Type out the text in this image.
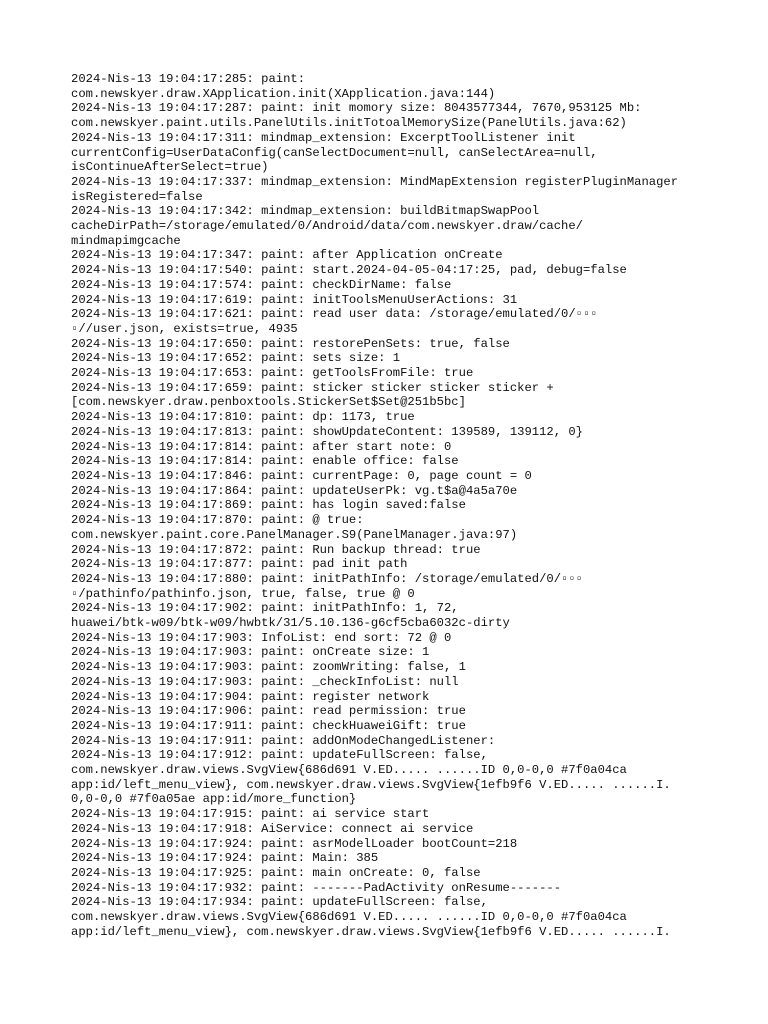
2024-Nis-13 19:04:17:285: paint:
com.newskyer.draw.XApplication.init(XApplication.java:144)
2024-Nis-13 19:04:17:287: paint: init momory size: 8043577344, 7670,953125 Mb:
com.newskyer.paint.utils.PanelUtils.initTotoalMemorySize(PanelUtils.java:62)
2024-Nis-13 19:04:17:311: mindmap_extension: ExcerptToolListener init
currentConfig=UserDataConfig(canSelectDocument=null, canSelectArea=null,
isContinueAfterSelect=true)
2024-Nis-13 19:04:17:337: mindmap_extension: MindMapExtension registerPluginManager
isRegistered=false
2024-Nis-13 19:04:17:342: mindmap_extension: buildBitmapSwapPool
cacheDirPath=/storage/emulated/0/Android/data/com.newskyer.draw/cache/
mindmapimgcache
2024-Nis-13 19:04:17:347: paint: after Application onCreate
2024-Nis-13 19:04:17:540: paint: start.2024-04-05-04:17:25, pad, debug=false
2024-Nis-13 19:04:17:574: paint: checkDirName: false
2024-Nis-13 19:04:17:619: paint: initToolsMenuUserActions: 31
2024-Nis-13 19:04:17:621: paint: read user data: /storage/emulated/0/▫▫▫
▫//user.json, exists=true, 4935
2024-Nis-13 19:04:17:650: paint: restorePenSets: true, false
2024-Nis-13 19:04:17:652: paint: sets size: 1
2024-Nis-13 19:04:17:653: paint: getToolsFromFile: true
2024-Nis-13 19:04:17:659: paint: sticker sticker sticker sticker +
[com.newskyer.draw.penboxtools.StickerSet$Set@251b5bc]
2024-Nis-13 19:04:17:810: paint: dp: 1173, true
2024-Nis-13 19:04:17:813: paint: showUpdateContent: 139589, 139112, 0}
2024-Nis-13 19:04:17:814: paint: after start note: 0
2024-Nis-13 19:04:17:814: paint: enable office: false
2024-Nis-13 19:04:17:846: paint: currentPage: 0, page count = 0
2024-Nis-13 19:04:17:864: paint: updateUserPk: vg.t$a@4a5a70e
2024-Nis-13 19:04:17:869: paint: has login saved:false
2024-Nis-13 19:04:17:870: paint: @ true:
com.newskyer.paint.core.PanelManager.S9(PanelManager.java:97)
2024-Nis-13 19:04:17:872: paint: Run backup thread: true
2024-Nis-13 19:04:17:877: paint: pad init path
2024-Nis-13 19:04:17:880: paint: initPathInfo: /storage/emulated/0/▫▫▫
▫/pathinfo/pathinfo.json, true, false, true @ 0
2024-Nis-13 19:04:17:902: paint: initPathInfo: 1, 72,
huawei/btk-w09/btk-w09/hwbtk/31/5.10.136-g6cf5cba6032c-dirty
2024-Nis-13 19:04:17:903: InfoList: end sort: 72 @ 0
2024-Nis-13 19:04:17:903: paint: onCreate size: 1
2024-Nis-13 19:04:17:903: paint: zoomWriting: false, 1
2024-Nis-13 19:04:17:903: paint: _checkInfoList: null
2024-Nis-13 19:04:17:904: paint: register network
2024-Nis-13 19:04:17:906: paint: read permission: true
2024-Nis-13 19:04:17:911: paint: checkHuaweiGift: true
2024-Nis-13 19:04:17:911: paint: addOnModeChangedListener:
2024-Nis-13 19:04:17:912: paint: updateFullScreen: false,
com.newskyer.draw.views.SvgView{686d691 V.ED..... ......ID 0,0-0,0 #7f0a04ca
app:id/left_menu_view}, com.newskyer.draw.views.SvgView{1efb9f6 V.ED..... ......I.
0,0-0,0 #7f0a05ae app:id/more_function}
2024-Nis-13 19:04:17:915: paint: ai service start
2024-Nis-13 19:04:17:918: AiService: connect ai service
2024-Nis-13 19:04:17:924: paint: asrModelLoader bootCount=218
2024-Nis-13 19:04:17:924: paint: Main: 385
2024-Nis-13 19:04:17:925: paint: main onCreate: 0, false
2024-Nis-13 19:04:17:932: paint: -------PadActivity onResume-------
2024-Nis-13 19:04:17:934: paint: updateFullScreen: false,
com.newskyer.draw.views.SvgView{686d691 V.ED..... ......ID 0,0-0,0 #7f0a04ca
app:id/left_menu_view}, com.newskyer.draw.views.SvgView{1efb9f6 V.ED..... ......I.
